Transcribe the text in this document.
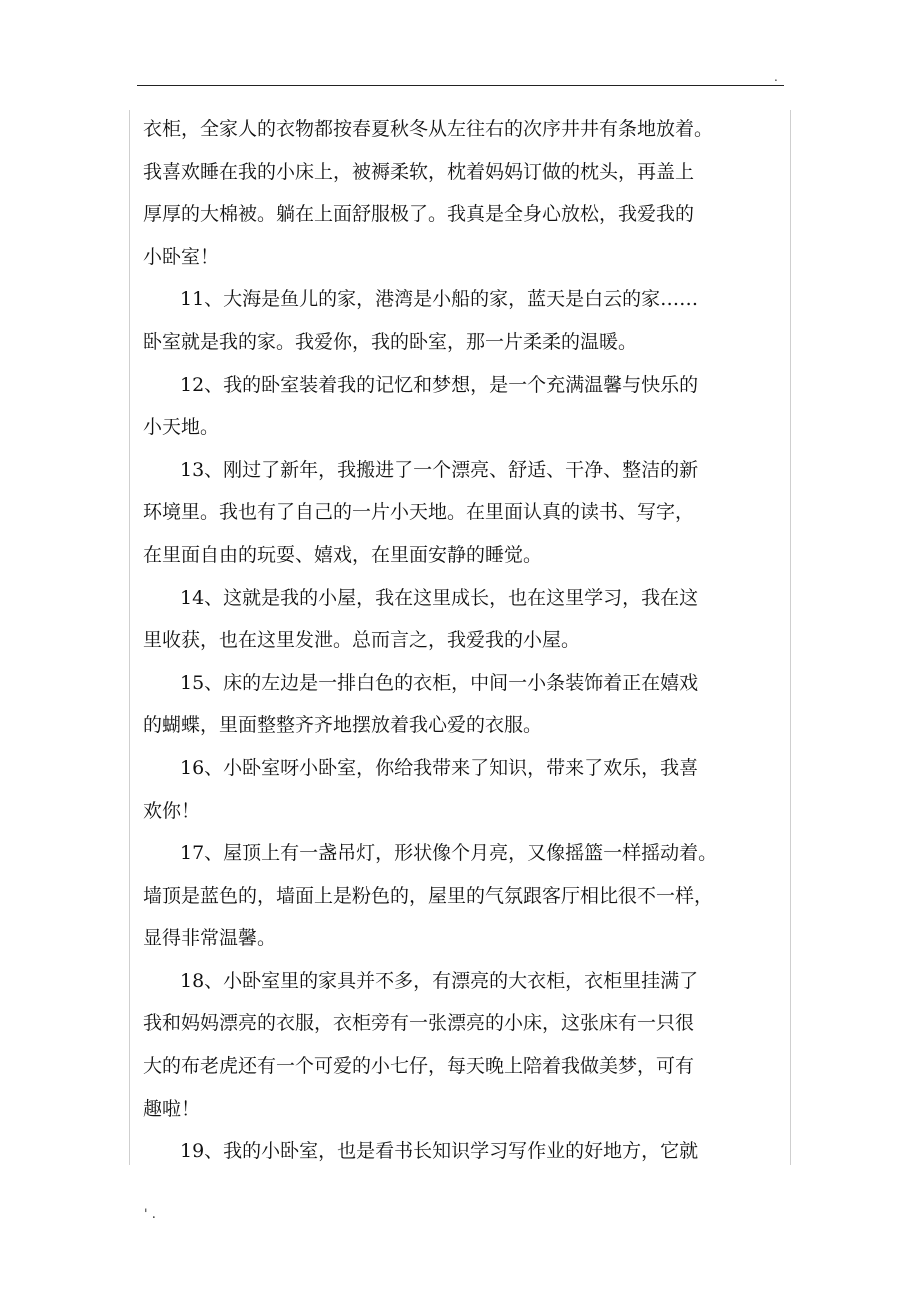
.
衣柜，全家人的衣物都按春夏秋冬从左往右的次序井井有条地放着。
我喜欢睡在我的小床上，被褥柔软，枕着妈妈订做的枕头，再盖上
厚厚的大棉被。躺在上面舒服极了。我真是全身心放松，我爱我的
小卧室！
11、大海是鱼儿的家，港湾是小船的家，蓝天是白云的家……
卧室就是我的家。我爱你，我的卧室，那一片柔柔的温暖。
12、我的卧室装着我的记忆和梦想，是一个充满温馨与快乐的
小天地。
13、刚过了新年，我搬进了一个漂亮、舒适、干净、整洁的新
环境里。我也有了自己的一片小天地。在里面认真的读书、写字，
在里面自由的玩耍、嬉戏，在里面安静的睡觉。
14、这就是我的小屋，我在这里成长，也在这里学习，我在这
里收获，也在这里发泄。总而言之，我爱我的小屋。
15、床的左边是一排白色的衣柜，中间一小条装饰着正在嬉戏
的蝴蝶，里面整整齐齐地摆放着我心爱的衣服。
16、小卧室呀小卧室，你给我带来了知识，带来了欢乐，我喜
欢你！
17、屋顶上有一盏吊灯，形状像个月亮，又像摇篮一样摇动着。
墙顶是蓝色的，墙面上是粉色的，屋里的气氛跟客厅相比很不一样，
显得非常温馨。
18、小卧室里的家具并不多，有漂亮的大衣柜，衣柜里挂满了
我和妈妈漂亮的衣服，衣柜旁有一张漂亮的小床，这张床有一只很
大的布老虎还有一个可爱的小七仔，每天晚上陪着我做美梦，可有
趣啦！
19、我的小卧室，也是看书长知识学习写作业的好地方，它就
' .
